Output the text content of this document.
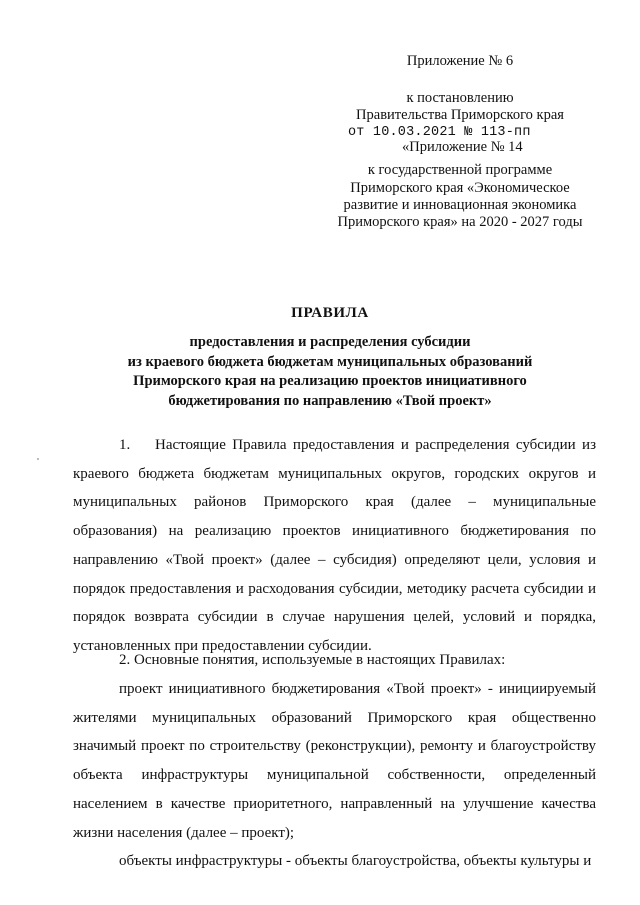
Приложение № 6
к постановлению
Правительства Приморского края
от 10.03.2021 № 113-пп
«Приложение № 14
к государственной программе
Приморского края «Экономическое
развитие и инновационная экономика
Приморского края» на 2020 - 2027 годы
ПРАВИЛА
предоставления и распределения субсидии
из краевого бюджета бюджетам муниципальных образований
Приморского края на реализацию проектов инициативного
бюджетирования по направлению «Твой проект»

1. Настоящие Правила предоставления и распределения субсидии из краевого бюджета бюджетам муниципальных округов, городских округов и муниципальных районов Приморского края (далее – муниципальные образования) на реализацию проектов инициативного бюджетирования по направлению «Твой проект» (далее – субсидия) определяют цели, условия и порядок предоставления и расходования субсидии, методику расчета субсидии и порядок возврата субсидии в случае нарушения целей, условий и порядка, установленных при предоставлении субсидии.

2. Основные понятия, используемые в настоящих Правилах:

проект инициативного бюджетирования «Твой проект» - инициируемый жителями муниципальных образований Приморского края общественно значимый проект по строительству (реконструкции), ремонту и благоустройству объекта инфраструктуры муниципальной собственности, определенный населением в качестве приоритетного, направленный на улучшение качества жизни населения (далее – проект);

объекты инфраструктуры - объекты благоустройства, объекты культуры и
